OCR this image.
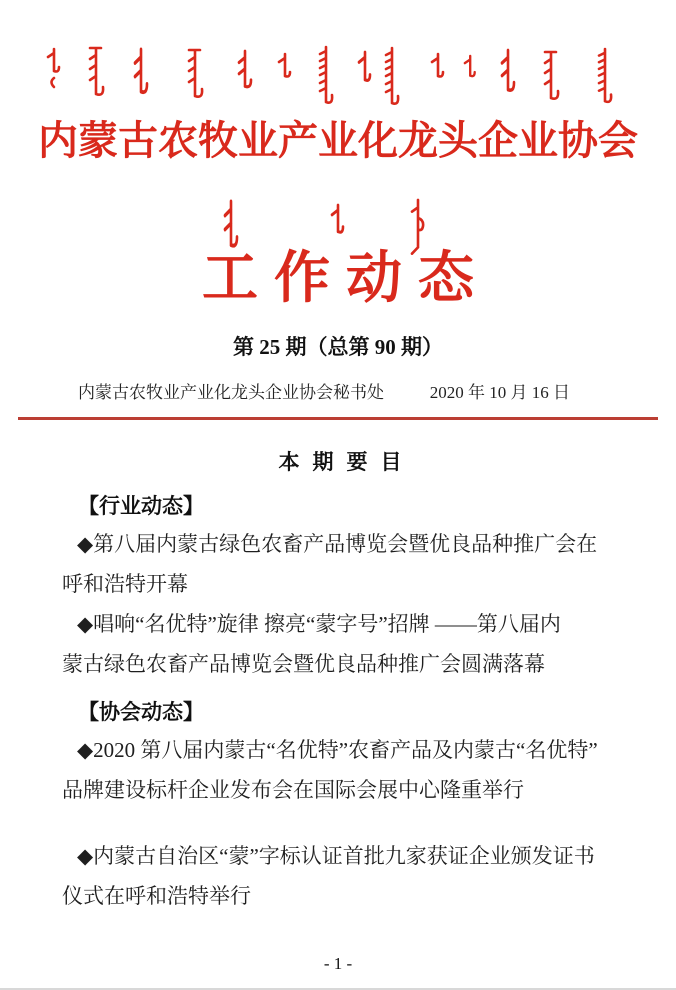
内蒙古农牧业产业化龙头企业协会
工作动态
第 25 期（总第 90 期）
内蒙古农牧业产业化龙头企业协会秘书处	2020 年 10 月 16 日
本期要目
【行业动态】

◆第八届内蒙古绿色农畜产品博览会暨优良品种推广会在
呼和浩特开幕

◆唱响“名优特”旋律 擦亮“蒙字号”招牌 ——第八届内
蒙古绿色农畜产品博览会暨优良品种推广会圆满落幕

【协会动态】

◆2020 第八届内蒙古“名优特”农畜产品及内蒙古“名优特”
品牌建设标杆企业发布会在国际会展中心隆重举行

◆内蒙古自治区“蒙”字标认证首批九家获证企业颁发证书
仪式在呼和浩特举行

- 1 -
